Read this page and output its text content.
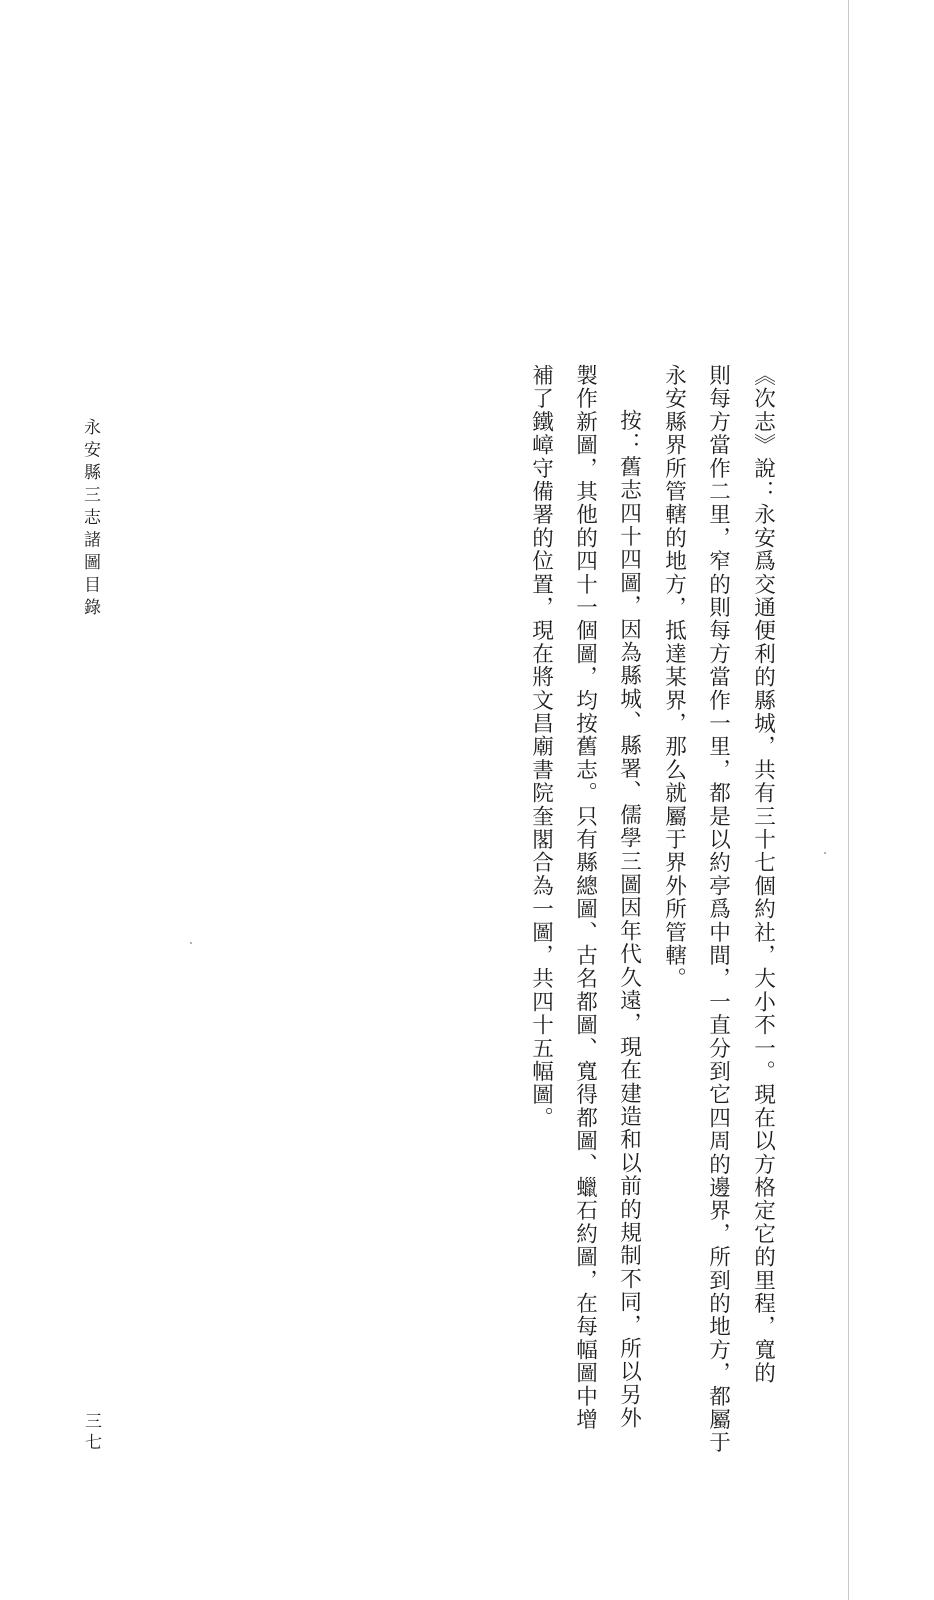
《次志》說：永安爲交通便利的縣城，共有三十七個約社，大小不一。現在以方格定它的里程，寬的
則每方當作二里，窄的則每方當作一里，都是以約亭爲中間，一直分到它四周的邊界，所到的地方，都屬于
永安縣界所管轄的地方，抵達某界，那么就屬于界外所管轄。
按：舊志四十四圖，因為縣城、縣署、儒學三圖因年代久遠，現在建造和以前的規制不同，所以另外
製作新圖，其他的四十一個圖，均按舊志。只有縣總圖、古名都圖、寬得都圖、蠟石約圖，在每幅圖中增
補了鐵嶂守備署的位置，現在將文昌廟書院奎閣合為一圖，共四十五幅圖。
永安縣三志諸圖目錄
三七
